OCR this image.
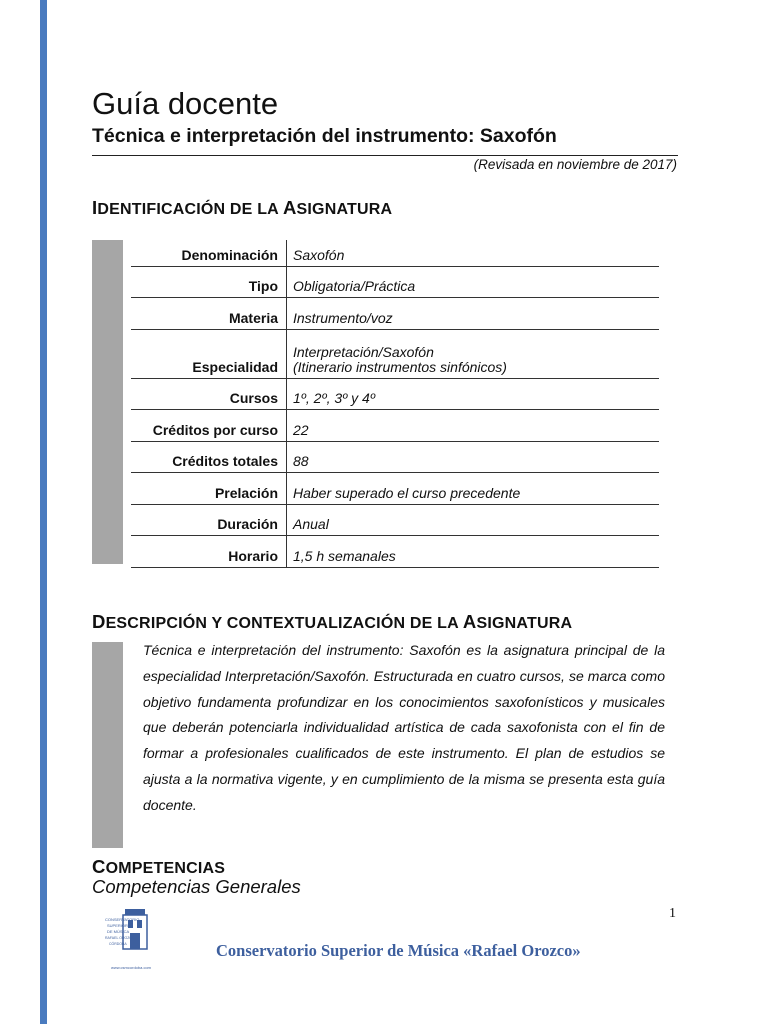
Guía docente
Técnica e interpretación del instrumento: Saxofón
(Revisada en noviembre de 2017)
IDENTIFICACIÓN DE LA ASIGNATURA
Denominación	Saxofón
Tipo	Obligatoria/Práctica
Materia	Instrumento/voz
Especialidad	Interpretación/Saxofón
(Itinerario instrumentos sinfónicos)

Cursos	1º, 2º, 3º y 4º
Créditos por curso	22
Créditos totales	88
Prelación	Haber superado el curso precedente
Duración	Anual
Horario	1,5 h semanales
DESCRIPCIÓN Y CONTEXTUALIZACIÓN DE LA ASIGNATURA

Técnica e interpretación del instrumento: Saxofón es la asignatura principal de la especialidad Interpretación/Saxofón. Estructurada en cuatro cursos, se marca como objetivo fundamenta profundizar en los conocimientos saxofonísticos y musicales que deberán potenciarla individualidad artística de cada saxofonista con el fin de formar a profesionales cualificados de este instrumento. El plan de estudios se ajusta a la normativa vigente, y en cumplimiento de la misma se presenta esta guía docente.

COMPETENCIAS

Competencias Generales

1
CONSERVATORIO
SUPERIOR
DE MÚSICA
RAFAEL OROZCO
CÓRDOBA
www.csmcordoba.com
Conservatorio Superior de Música «Rafael Orozco»
